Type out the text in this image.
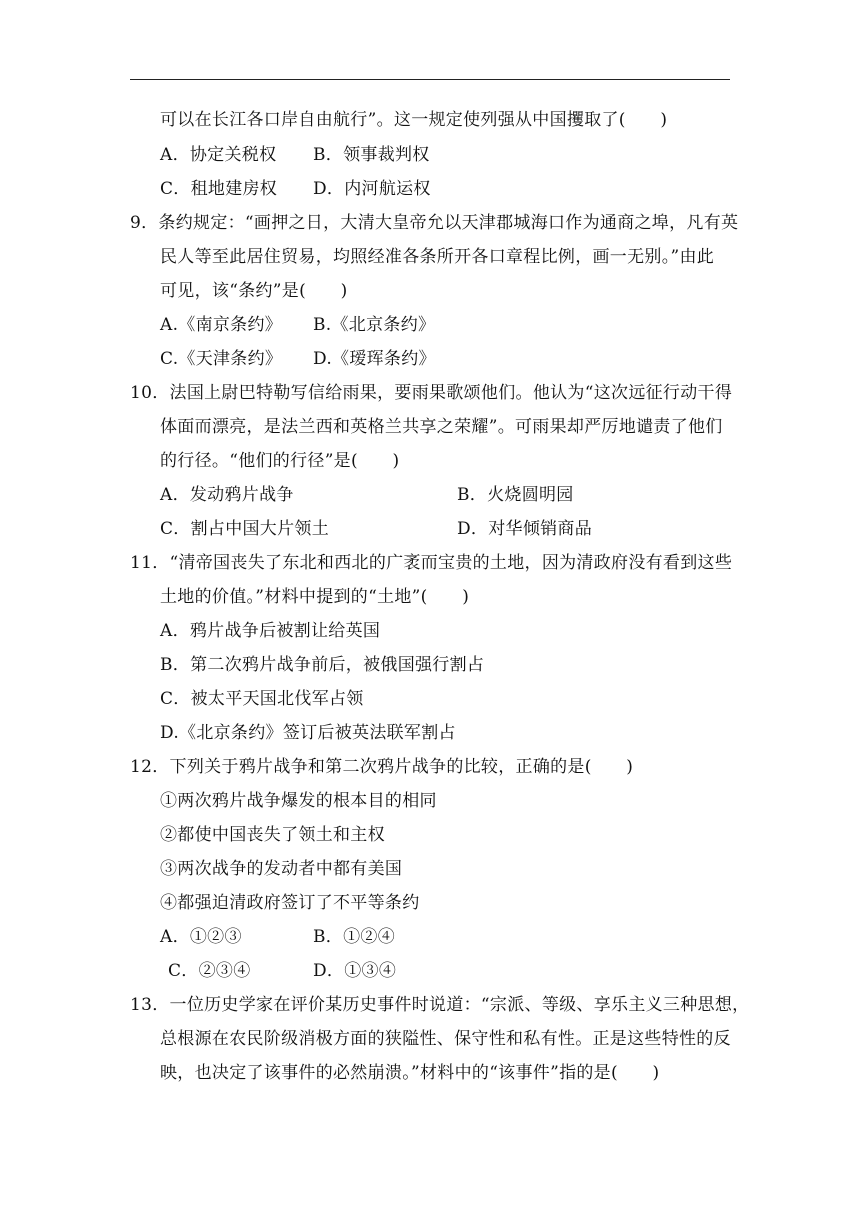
可以在长江各口岸自由航行”。这一规定使列强从中国攫取了(　　)
A．协定关税权 B．领事裁判权
C．租地建房权 D．内河航运权
9．条约规定：“画押之日，大清大皇帝允以天津郡城海口作为通商之埠，凡有英
民人等至此居住贸易，均照经准各条所开各口章程比例，画一无别。”由此
可见，该“条约”是(　　)
A.《南京条约》 B.《北京条约》
C.《天津条约》 D.《瑷珲条约》
10．法国上尉巴特勒写信给雨果，要雨果歌颂他们。他认为“这次远征行动干得
体面而漂亮，是法兰西和英格兰共享之荣耀”。可雨果却严厉地谴责了他们
的行径。“他们的行径”是(　　)
A．发动鸦片战争	B．火烧圆明园
C．割占中国大片领土	D．对华倾销商品
11．“清帝国丧失了东北和西北的广袤而宝贵的土地，因为清政府没有看到这些
土地的价值。”材料中提到的“土地”(　　)
A．鸦片战争后被割让给英国
B．第二次鸦片战争前后，被俄国强行割占
C．被太平天国北伐军占领
D.《北京条约》签订后被英法联军割占
12．下列关于鸦片战争和第二次鸦片战争的比较，正确的是(　　)
①两次鸦片战争爆发的根本目的相同
②都使中国丧失了领土和主权
③两次战争的发动者中都有美国
④都强迫清政府签订了不平等条约
A．①②③	B．①②④
C．②③④	D．①③④
13．一位历史学家在评价某历史事件时说道：“宗派、等级、享乐主义三种思想，
总根源在农民阶级消极方面的狭隘性、保守性和私有性。正是这些特性的反
映，也决定了该事件的必然崩溃。”材料中的“该事件”指的是(　　)
